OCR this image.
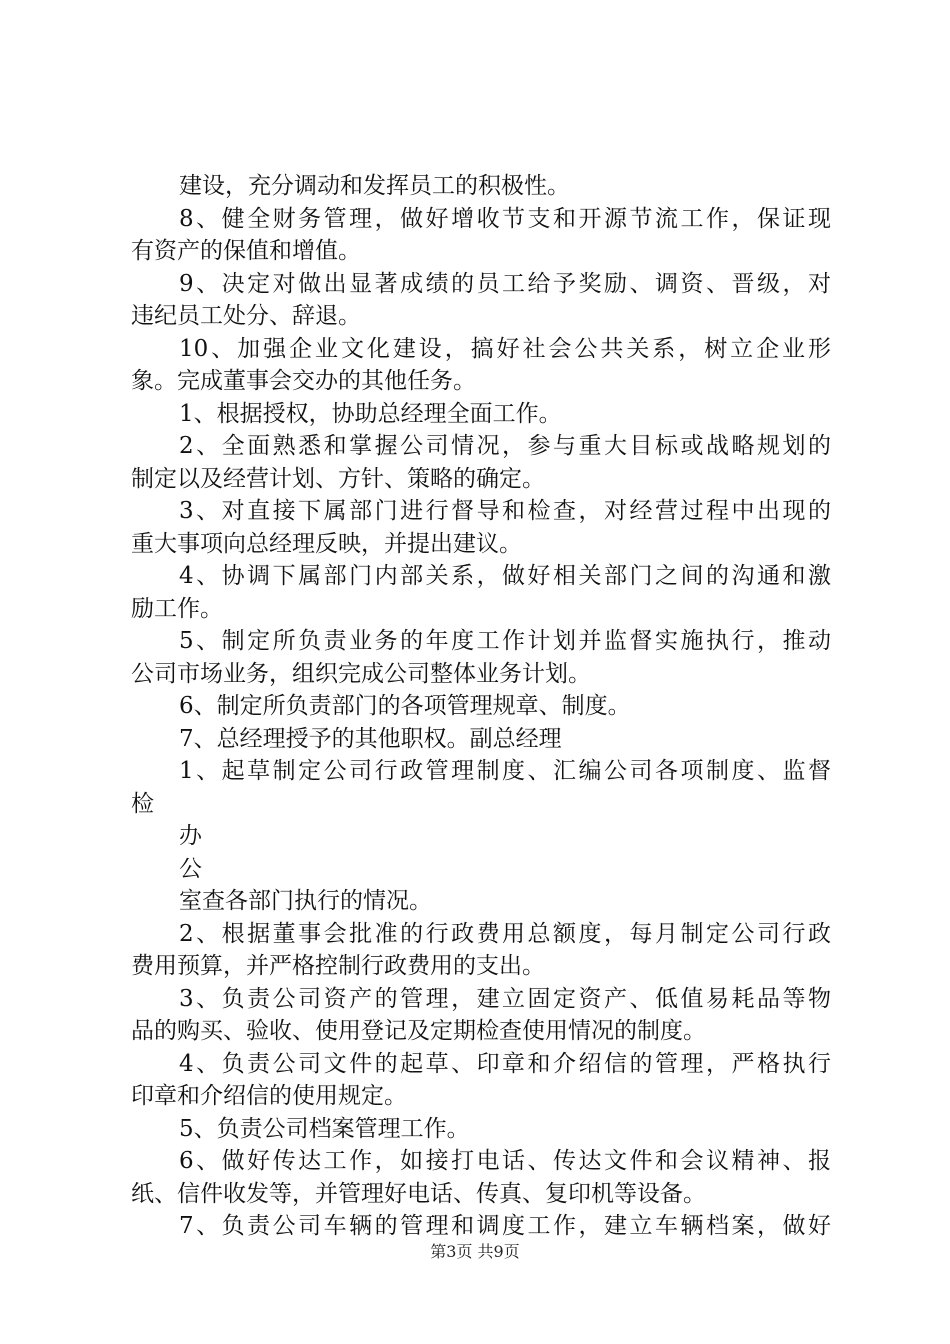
建设，充分调动和发挥员工的积极性。
8、健全财务管理，做好增收节支和开源节流工作，保证现
有资产的保值和增值。
9、决定对做出显著成绩的员工给予奖励、调资、晋级，对
违纪员工处分、辞退。
10、加强企业文化建设，搞好社会公共关系，树立企业形
象。完成董事会交办的其他任务。
1、根据授权，协助总经理全面工作。
2、全面熟悉和掌握公司情况，参与重大目标或战略规划的
制定以及经营计划、方针、策略的确定。
3、对直接下属部门进行督导和检查，对经营过程中出现的
重大事项向总经理反映，并提出建议。
4、协调下属部门内部关系，做好相关部门之间的沟通和激
励工作。
5、制定所负责业务的年度工作计划并监督实施执行，推动
公司市场业务，组织完成公司整体业务计划。
6、制定所负责部门的各项管理规章、制度。
7、总经理授予的其他职权。副总经理
1、起草制定公司行政管理制度、汇编公司各项制度、监督
检
办
公
室查各部门执行的情况。
2、根据董事会批准的行政费用总额度，每月制定公司行政
费用预算，并严格控制行政费用的支出。
3、负责公司资产的管理，建立固定资产、低值易耗品等物
品的购买、验收、使用登记及定期检查使用情况的制度。
4、负责公司文件的起草、印章和介绍信的管理，严格执行
印章和介绍信的使用规定。
5、负责公司档案管理工作。
6、做好传达工作，如接打电话、传达文件和会议精神、报
纸、信件收发等，并管理好电话、传真、复印机等设备。
7、负责公司车辆的管理和调度工作，建立车辆档案，做好
第3页 共9页
